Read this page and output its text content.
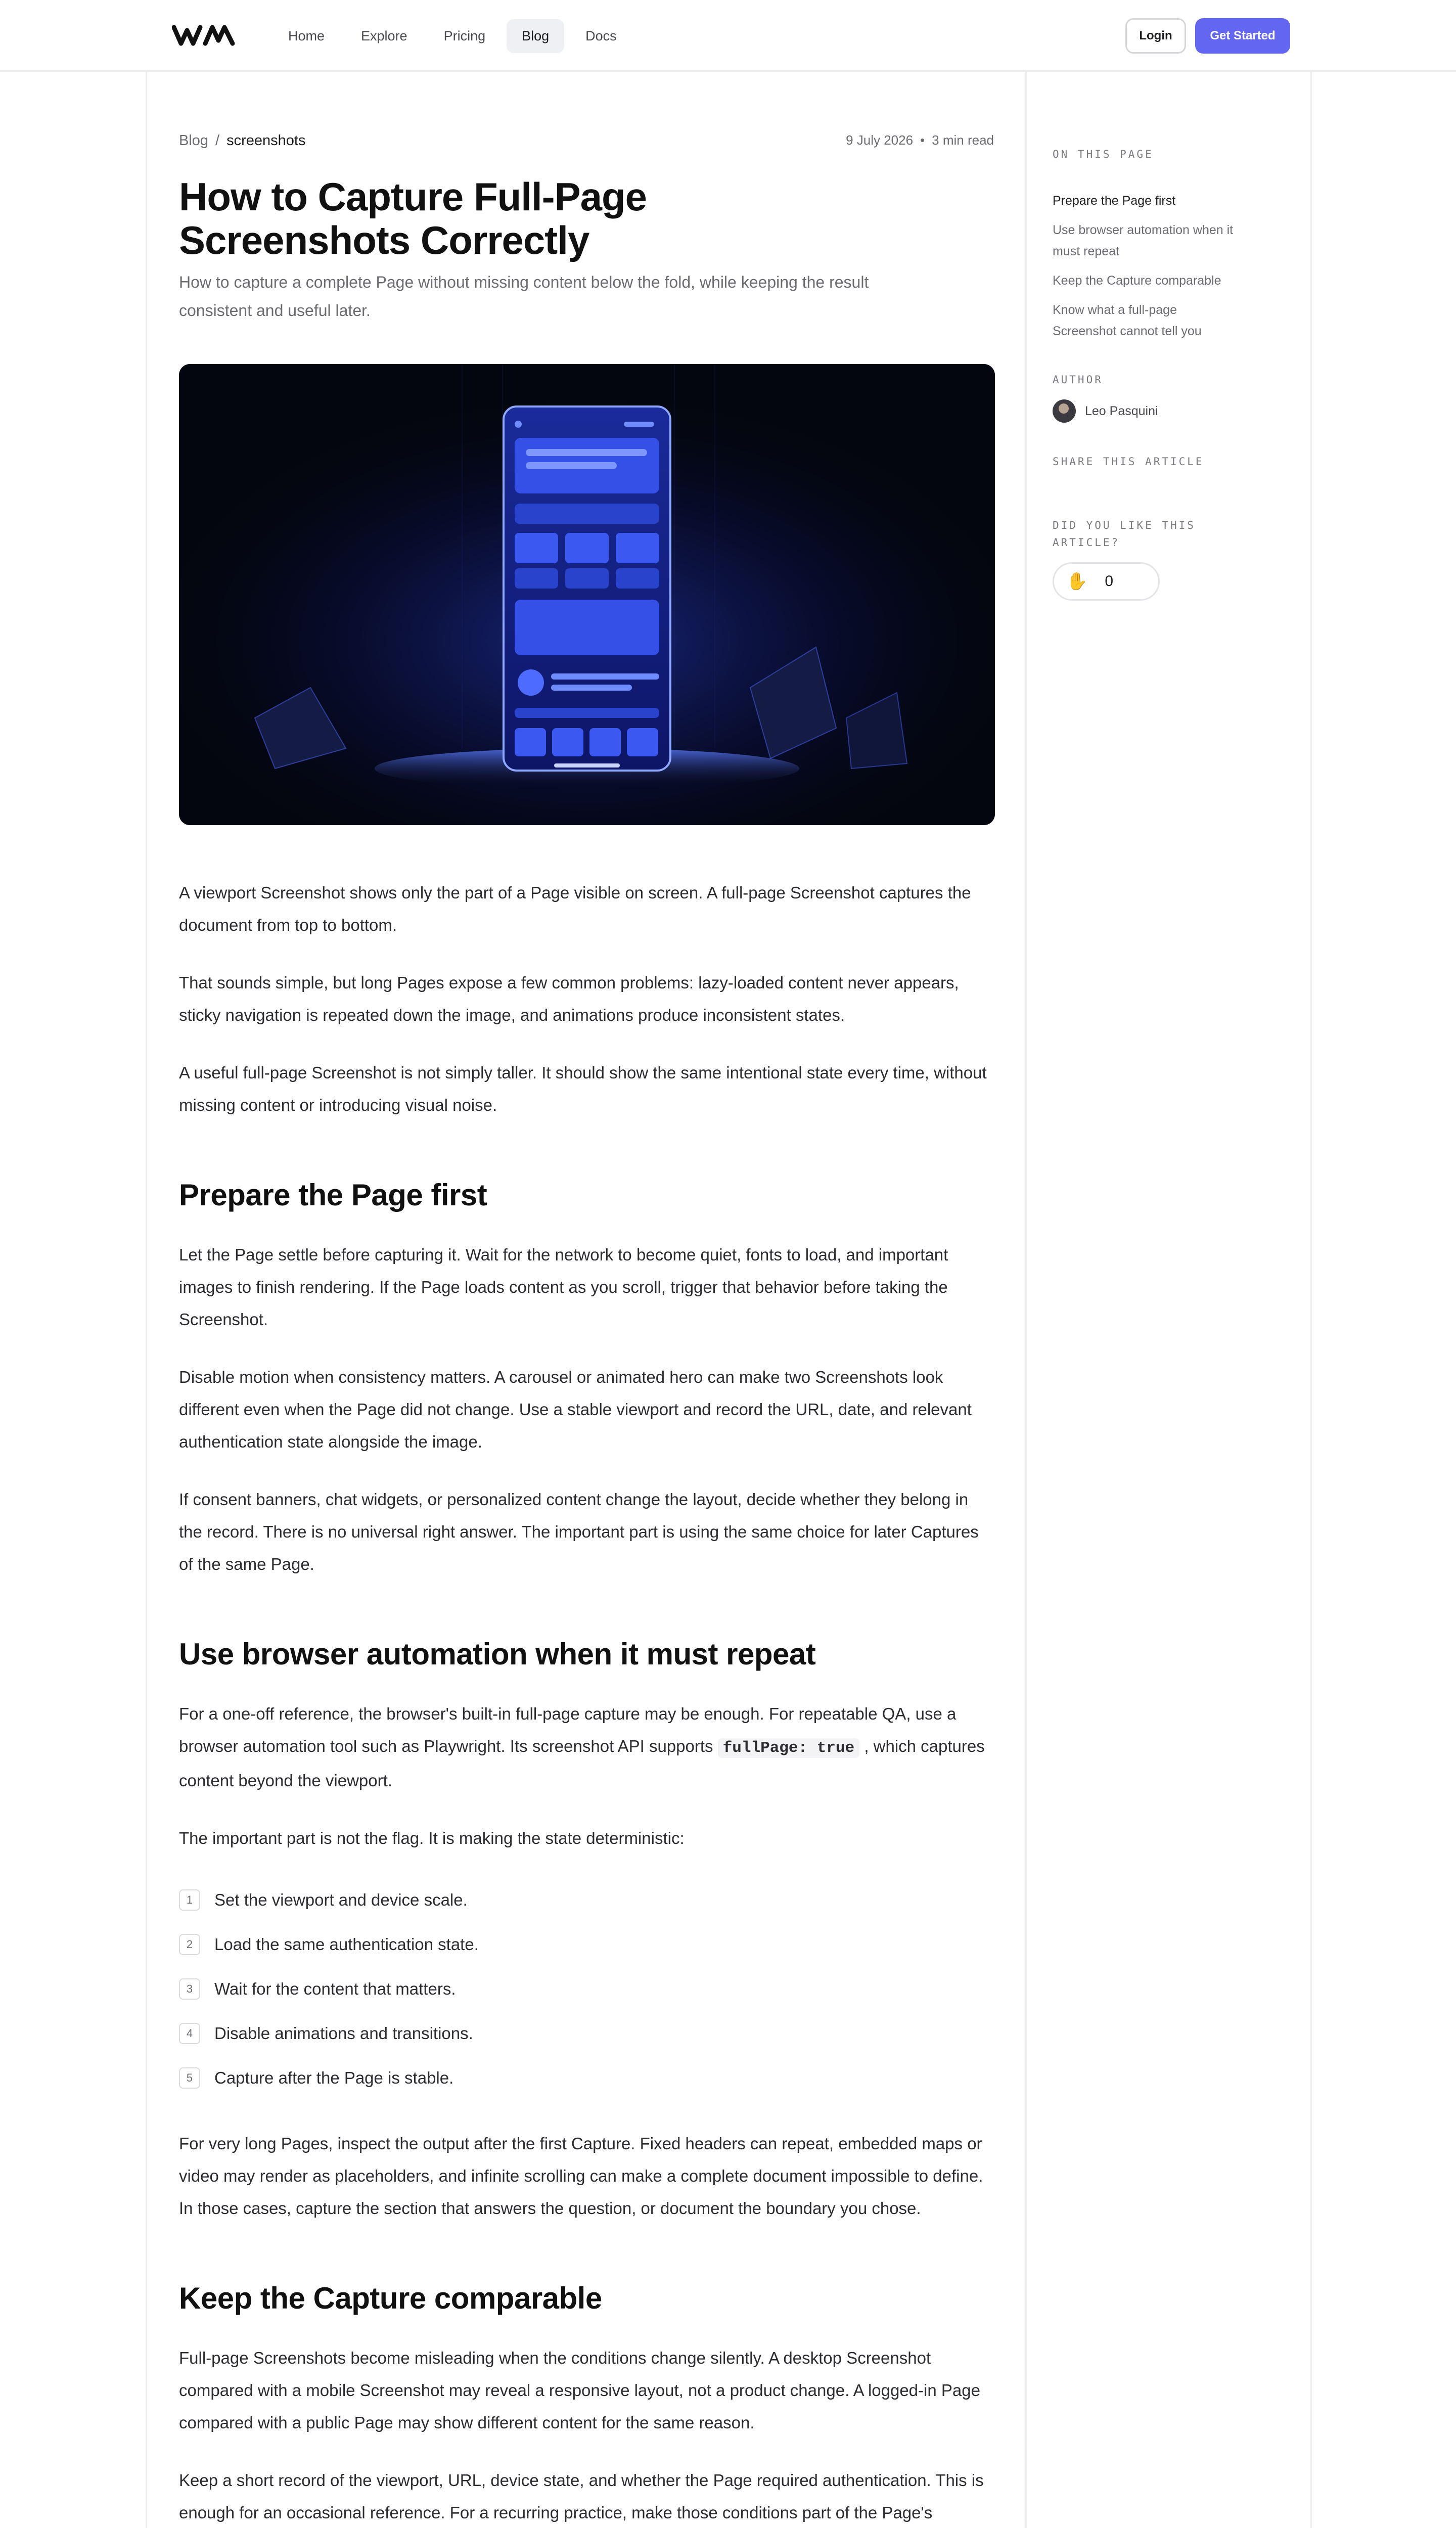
Home	Explore	Pricing	Blog	Docs	Login	Get Started
Blog / screenshots	9 July 2026 • 3 min read
How to Capture Full-Page Screenshots Correctly

How to capture a complete Page without missing content below the fold, while keeping the result consistent and useful later.

A viewport Screenshot shows only the part of a Page visible on screen. A full-page Screenshot captures the document from top to bottom.

That sounds simple, but long Pages expose a few common problems: lazy-loaded content never appears, sticky navigation is repeated down the image, and animations produce inconsistent states.

A useful full-page Screenshot is not simply taller. It should show the same intentional state every time, without missing content or introducing visual noise.

Prepare the Page first

Let the Page settle before capturing it. Wait for the network to become quiet, fonts to load, and important images to finish rendering. If the Page loads content as you scroll, trigger that behavior before taking the Screenshot.

Disable motion when consistency matters. A carousel or animated hero can make two Screenshots look different even when the Page did not change. Use a stable viewport and record the URL, date, and relevant authentication state alongside the image.

If consent banners, chat widgets, or personalized content change the layout, decide whether they belong in the record. There is no universal right answer. The important part is using the same choice for later Captures of the same Page.

Use browser automation when it must repeat

For a one-off reference, the browser's built-in full-page capture may be enough. For repeatable QA, use a browser automation tool such as Playwright. Its screenshot API supports fullPage: true , which captures content beyond the viewport.

The important part is not the flag. It is making the state deterministic:

1	Set the viewport and device scale.
2	Load the same authentication state.
3	Wait for the content that matters.
4	Disable animations and transitions.
5	Capture after the Page is stable.

For very long Pages, inspect the output after the first Capture. Fixed headers can repeat, embedded maps or video may render as placeholders, and infinite scrolling can make a complete document impossible to define. In those cases, capture the section that answers the question, or document the boundary you chose.

Keep the Capture comparable

Full-page Screenshots become misleading when the conditions change silently. A desktop Screenshot compared with a mobile Screenshot may reveal a responsive layout, not a product change. A logged-in Page compared with a public Page may show different content for the same reason.

Keep a short record of the viewport, URL, device state, and whether the Page required authentication. This is enough for an occasional reference. For a recurring practice, make those conditions part of the Page's

ON THIS PAGE
Prepare the Page first
Use browser automation when it must repeat
Keep the Capture comparable
Know what a full-page Screenshot cannot tell you
AUTHOR
Leo Pasquini
SHARE THIS ARTICLE
DID YOU LIKE THIS ARTICLE?
✋ 0
